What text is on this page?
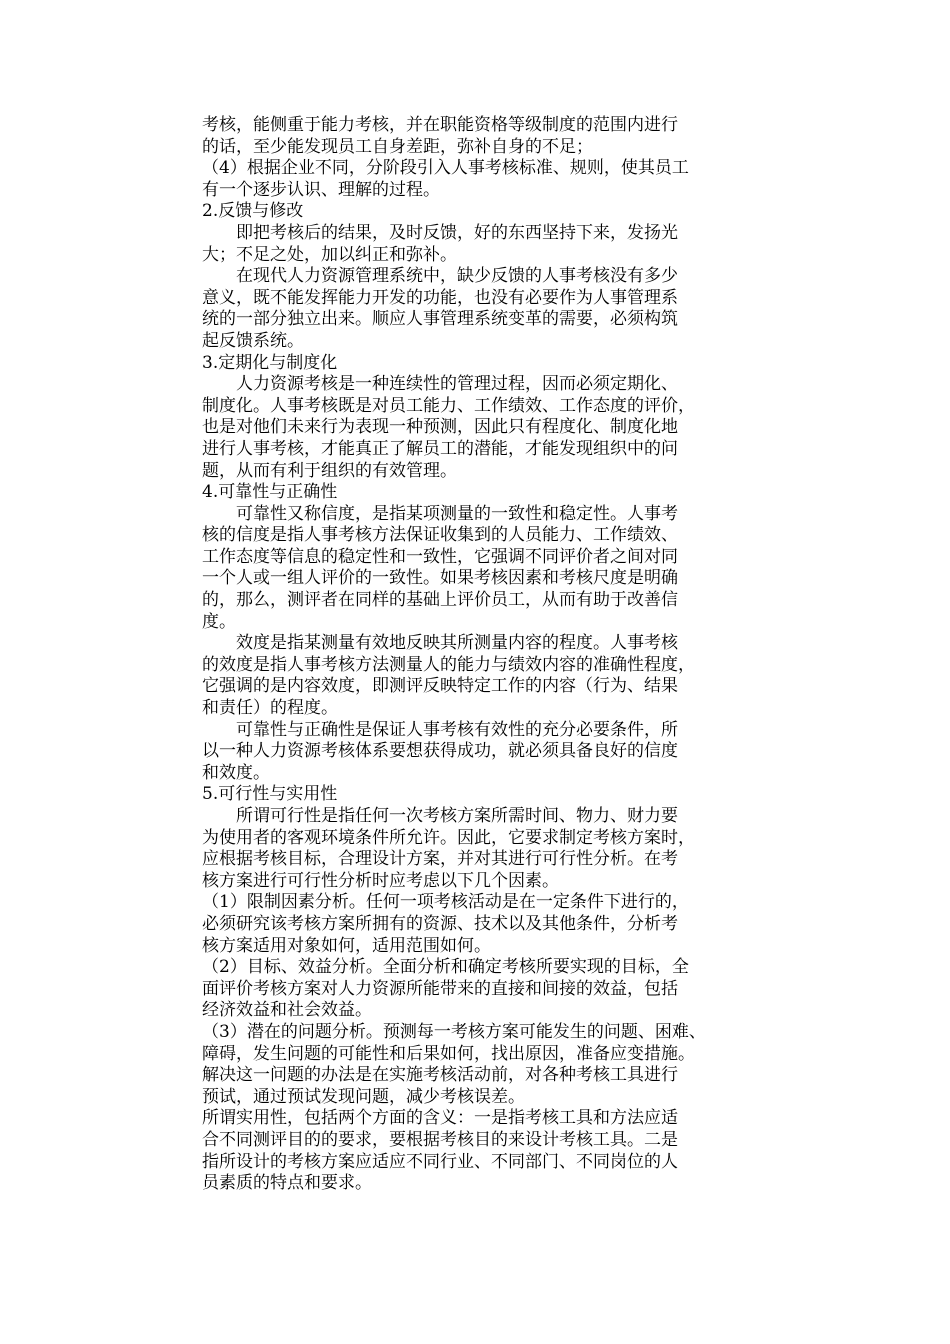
考核，能侧重于能力考核，并在职能资格等级制度的范围内进行
的话，至少能发现员工自身差距，弥补自身的不足；
（4）根据企业不同，分阶段引入人事考核标准、规则，使其员工
有一个逐步认识、理解的过程。
2.反馈与修改
　　即把考核后的结果，及时反馈，好的东西坚持下来，发扬光
大；不足之处，加以纠正和弥补。
　　在现代人力资源管理系统中，缺少反馈的人事考核没有多少
意义，既不能发挥能力开发的功能，也没有必要作为人事管理系
统的一部分独立出来。顺应人事管理系统变革的需要，必须构筑
起反馈系统。
3.定期化与制度化
　　人力资源考核是一种连续性的管理过程，因而必须定期化、
制度化。人事考核既是对员工能力、工作绩效、工作态度的评价，
也是对他们未来行为表现一种预测，因此只有程度化、制度化地
进行人事考核，才能真正了解员工的潜能，才能发现组织中的问
题，从而有利于组织的有效管理。
4.可靠性与正确性
　　可靠性又称信度，是指某项测量的一致性和稳定性。人事考
核的信度是指人事考核方法保证收集到的人员能力、工作绩效、
工作态度等信息的稳定性和一致性，它强调不同评价者之间对同
一个人或一组人评价的一致性。如果考核因素和考核尺度是明确
的，那么，测评者在同样的基础上评价员工，从而有助于改善信
度。
　　效度是指某测量有效地反映其所测量内容的程度。人事考核
的效度是指人事考核方法测量人的能力与绩效内容的准确性程度，
它强调的是内容效度，即测评反映特定工作的内容（行为、结果
和责任）的程度。
　　可靠性与正确性是保证人事考核有效性的充分必要条件，所
以一种人力资源考核体系要想获得成功，就必须具备良好的信度
和效度。
5.可行性与实用性
　　所谓可行性是指任何一次考核方案所需时间、物力、财力要
为使用者的客观环境条件所允许。因此，它要求制定考核方案时，
应根据考核目标，合理设计方案，并对其进行可行性分析。在考
核方案进行可行性分析时应考虑以下几个因素。
（1）限制因素分析。任何一项考核活动是在一定条件下进行的，
必须研究该考核方案所拥有的资源、技术以及其他条件，分析考
核方案适用对象如何，适用范围如何。
（2）目标、效益分析。全面分析和确定考核所要实现的目标，全
面评价考核方案对人力资源所能带来的直接和间接的效益，包括
经济效益和社会效益。
（3）潜在的问题分析。预测每一考核方案可能发生的问题、困难、
障碍，发生问题的可能性和后果如何，找出原因，准备应变措施。
解决这一问题的办法是在实施考核活动前，对各种考核工具进行
预试，通过预试发现问题，减少考核误差。
所谓实用性，包括两个方面的含义：一是指考核工具和方法应适
合不同测评目的的要求，要根据考核目的来设计考核工具。二是
指所设计的考核方案应适应不同行业、不同部门、不同岗位的人
员素质的特点和要求。
